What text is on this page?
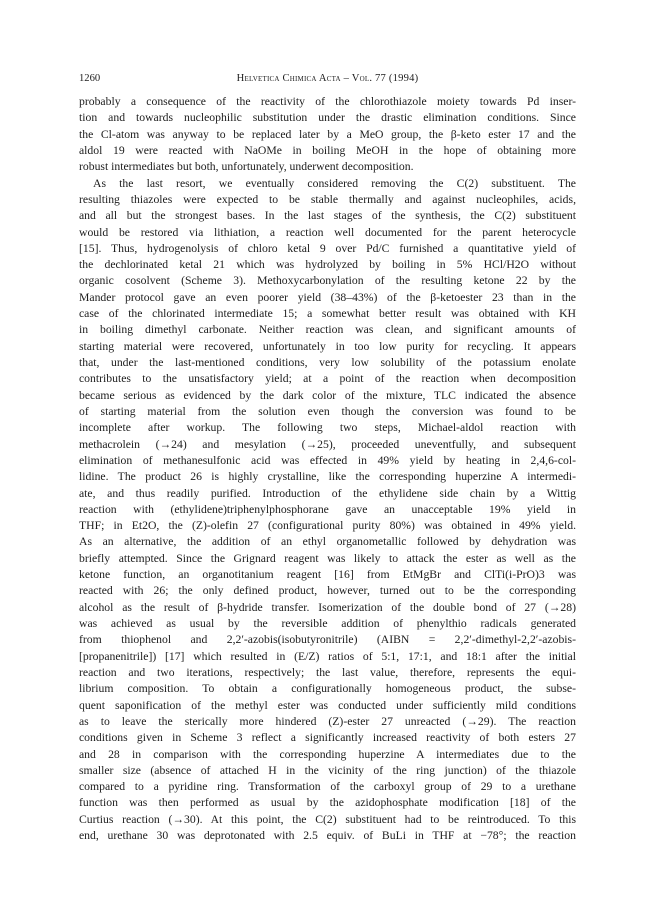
1260	Helvetica Chimica Acta – Vol. 77 (1994)
probably a consequence of the reactivity of the chlorothiazole moiety towards Pd inser-
tion and towards nucleophilic substitution under the drastic elimination conditions. Since
the Cl-atom was anyway to be replaced later by a MeO group, the β-keto ester 17 and the
aldol 19 were reacted with NaOMe in boiling MeOH in the hope of obtaining more
robust intermediates but both, unfortunately, underwent decomposition.
As the last resort, we eventually considered removing the C(2) substituent. The
resulting thiazoles were expected to be stable thermally and against nucleophiles, acids,
and all but the strongest bases. In the last stages of the synthesis, the C(2) substituent
would be restored via lithiation, a reaction well documented for the parent heterocycle
[15]. Thus, hydrogenolysis of chloro ketal 9 over Pd/C furnished a quantitative yield of
the dechlorinated ketal 21 which was hydrolyzed by boiling in 5% HCl/H2O without
organic cosolvent (Scheme 3). Methoxycarbonylation of the resulting ketone 22 by the
Mander protocol gave an even poorer yield (38–43%) of the β-ketoester 23 than in the
case of the chlorinated intermediate 15; a somewhat better result was obtained with KH
in boiling dimethyl carbonate. Neither reaction was clean, and significant amounts of
starting material were recovered, unfortunately in too low purity for recycling. It appears
that, under the last-mentioned conditions, very low solubility of the potassium enolate
contributes to the unsatisfactory yield; at a point of the reaction when decomposition
became serious as evidenced by the dark color of the mixture, TLC indicated the absence
of starting material from the solution even though the conversion was found to be
incomplete after workup. The following two steps, Michael-aldol reaction with
methacrolein (→24) and mesylation (→25), proceeded uneventfully, and subsequent
elimination of methanesulfonic acid was effected in 49% yield by heating in 2,4,6-col-
lidine. The product 26 is highly crystalline, like the corresponding huperzine A intermedi-
ate, and thus readily purified. Introduction of the ethylidene side chain by a Wittig
reaction with (ethylidene)triphenylphosphorane gave an unacceptable 19% yield in
THF; in Et2O, the (Z)-olefin 27 (configurational purity 80%) was obtained in 49% yield.
As an alternative, the addition of an ethyl organometallic followed by dehydration was
briefly attempted. Since the Grignard reagent was likely to attack the ester as well as the
ketone function, an organotitanium reagent [16] from EtMgBr and ClTi(i-PrO)3 was
reacted with 26; the only defined product, however, turned out to be the corresponding
alcohol as the result of β-hydride transfer. Isomerization of the double bond of 27 (→28)
was achieved as usual by the reversible addition of phenylthio radicals generated
from thiophenol and 2,2′-azobis(isobutyronitrile) (AIBN = 2,2′-dimethyl-2,2′-azobis-
[propanenitrile]) [17] which resulted in (E/Z) ratios of 5:1, 17:1, and 18:1 after the initial
reaction and two iterations, respectively; the last value, therefore, represents the equi-
librium composition. To obtain a configurationally homogeneous product, the subse-
quent saponification of the methyl ester was conducted under sufficiently mild conditions
as to leave the sterically more hindered (Z)-ester 27 unreacted (→29). The reaction
conditions given in Scheme 3 reflect a significantly increased reactivity of both esters 27
and 28 in comparison with the corresponding huperzine A intermediates due to the
smaller size (absence of attached H in the vicinity of the ring junction) of the thiazole
compared to a pyridine ring. Transformation of the carboxyl group of 29 to a urethane
function was then performed as usual by the azidophosphate modification [18] of the
Curtius reaction (→30). At this point, the C(2) substituent had to be reintroduced. To this
end, urethane 30 was deprotonated with 2.5 equiv. of BuLi in THF at −78°; the reaction
